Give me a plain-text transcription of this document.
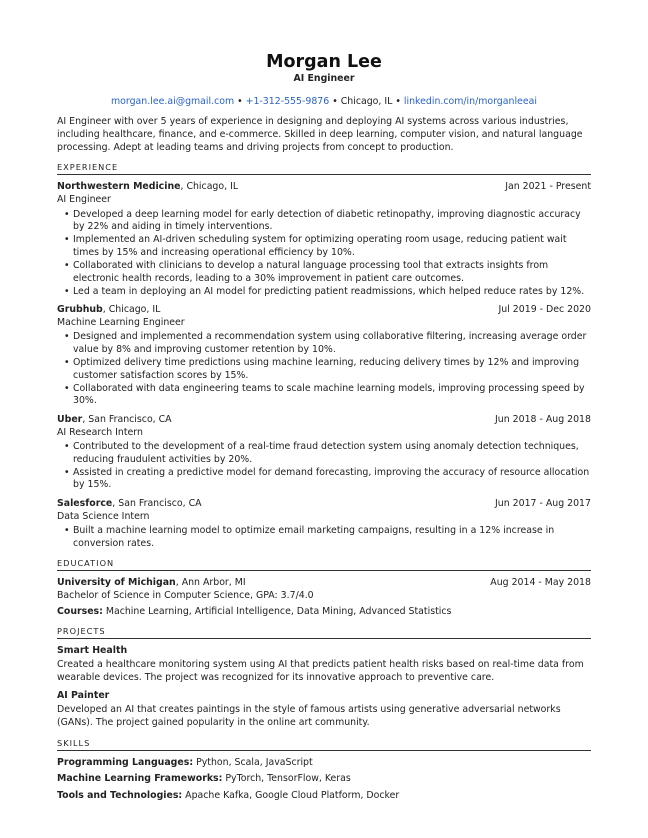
Morgan Lee
AI Engineer
morgan.lee.ai@gmail.com • +1-312-555-9876 • Chicago, IL • linkedin.com/in/morganleeai
AI Engineer with over 5 years of experience in designing and deploying AI systems across various industries, including healthcare, finance, and e-commerce. Skilled in deep learning, computer vision, and natural language processing. Adept at leading teams and driving projects from concept to production.
EXPERIENCE
Northwestern Medicine, Chicago, IL	Jan 2021 - Present
AI Engineer
• Developed a deep learning model for early detection of diabetic retinopathy, improving diagnostic accuracy by 22% and aiding in timely interventions.
• Implemented an AI-driven scheduling system for optimizing operating room usage, reducing patient wait times by 15% and increasing operational efficiency by 10%.
• Collaborated with clinicians to develop a natural language processing tool that extracts insights from electronic health records, leading to a 30% improvement in patient care outcomes.
• Led a team in deploying an AI model for predicting patient readmissions, which helped reduce rates by 12%.
Grubhub, Chicago, IL	Jul 2019 - Dec 2020
Machine Learning Engineer
• Designed and implemented a recommendation system using collaborative filtering, increasing average order value by 8% and improving customer retention by 10%.
• Optimized delivery time predictions using machine learning, reducing delivery times by 12% and improving customer satisfaction scores by 15%.
• Collaborated with data engineering teams to scale machine learning models, improving processing speed by 30%.
Uber, San Francisco, CA	Jun 2018 - Aug 2018
AI Research Intern
• Contributed to the development of a real-time fraud detection system using anomaly detection techniques, reducing fraudulent activities by 20%.
• Assisted in creating a predictive model for demand forecasting, improving the accuracy of resource allocation by 15%.
Salesforce, San Francisco, CA	Jun 2017 - Aug 2017
Data Science Intern
• Built a machine learning model to optimize email marketing campaigns, resulting in a 12% increase in conversion rates.
EDUCATION
University of Michigan, Ann Arbor, MI	Aug 2014 - May 2018
Bachelor of Science in Computer Science, GPA: 3.7/4.0
Courses: Machine Learning, Artificial Intelligence, Data Mining, Advanced Statistics
PROJECTS
Smart Health
Created a healthcare monitoring system using AI that predicts patient health risks based on real-time data from wearable devices. The project was recognized for its innovative approach to preventive care.
AI Painter
Developed an AI that creates paintings in the style of famous artists using generative adversarial networks (GANs). The project gained popularity in the online art community.
SKILLS
Programming Languages: Python, Scala, JavaScript
Machine Learning Frameworks: PyTorch, TensorFlow, Keras
Tools and Technologies: Apache Kafka, Google Cloud Platform, Docker
